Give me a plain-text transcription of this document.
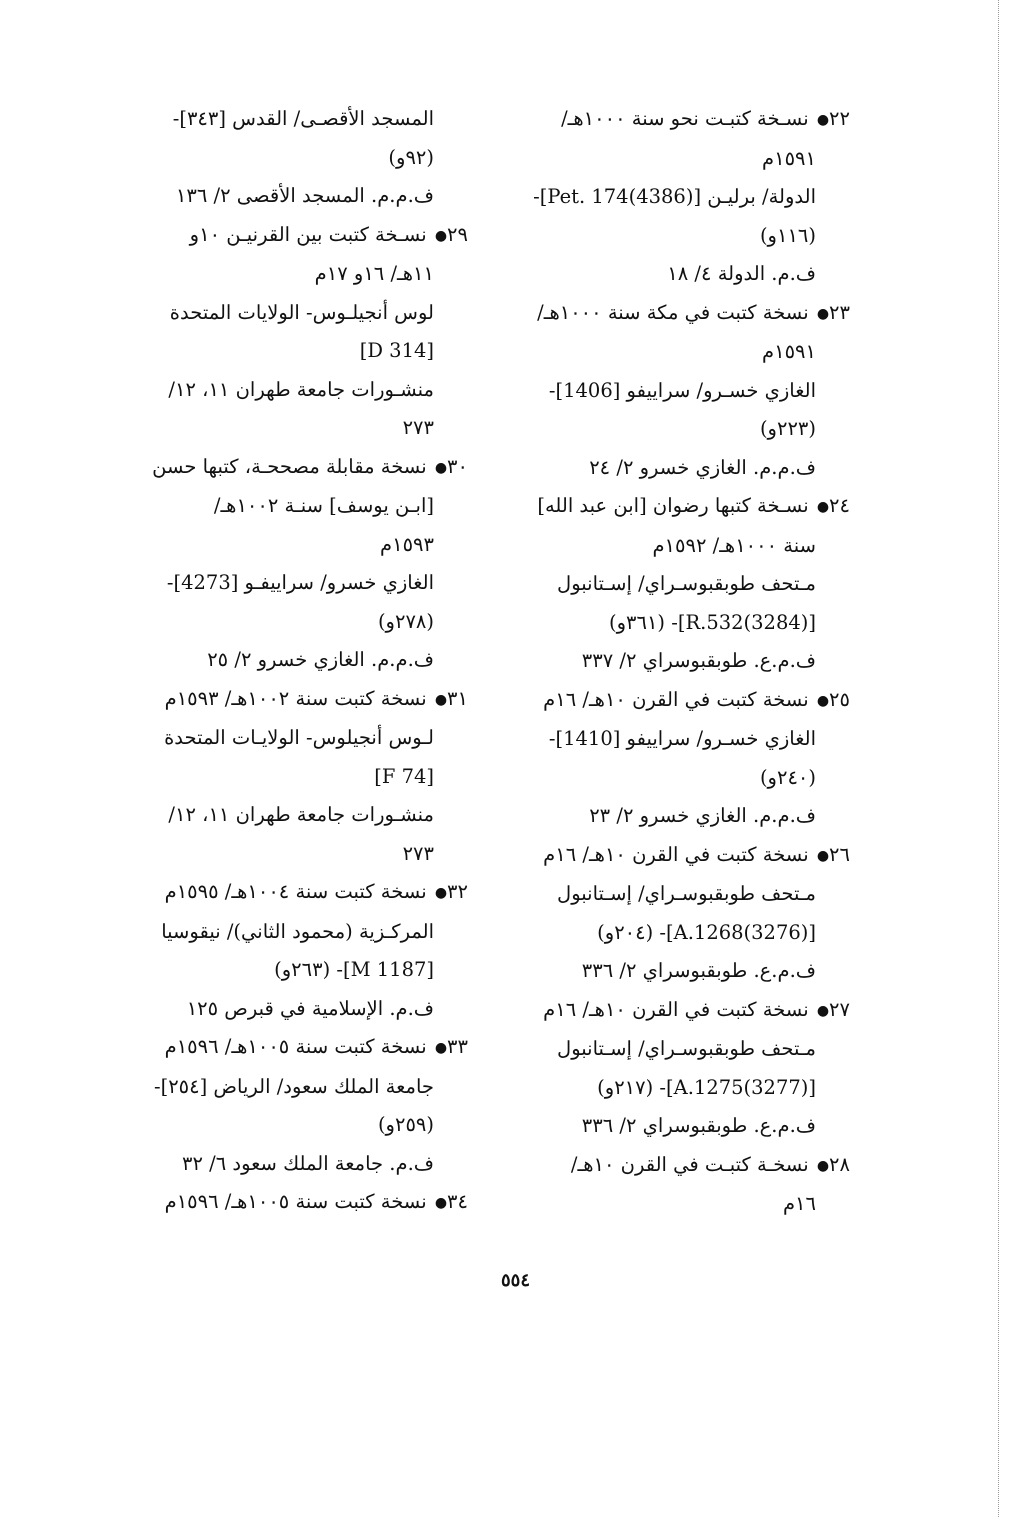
٢٢● نسـخة كتبـت نحو سنة ١٠٠٠هـ/
١٥٩١م
الدولة/ برليـن [Pet. 174(4386)]-
(١١٦و)
ف.م. الدولة ٤/ ١٨
٢٣● نسخة كتبت في مكة سنة ١٠٠٠هـ/
١٥٩١م
الغازي خسـرو/ سراييفو [1406]-
(٢٢٣و)
ف.م.م. الغازي خسرو ٢/ ٢٤
٢٤● نسـخة كتبها رضوان [ابن عبد الله]
سنة ١٠٠٠هـ/ ١٥٩٢م
مـتحف طوبقبوسـراي/ إسـتانبول
[R.532(3284)]- (٣٦١و)
ف.م.ع. طوبقبوسراي ٢/ ٣٣٧
٢٥● نسخة كتبت في القرن ١٠هـ/ ١٦م
الغازي خسـرو/ سراييفو [1410]-
(٢٤٠و)
ف.م.م. الغازي خسرو ٢/ ٢٣
٢٦● نسخة كتبت في القرن ١٠هـ/ ١٦م
مـتحف طوبقبوسـراي/ إسـتانبول
[A.1268(3276)]- (٢٠٤و)
ف.م.ع. طوبقبوسراي ٢/ ٣٣٦
٢٧● نسخة كتبت في القرن ١٠هـ/ ١٦م
مـتحف طوبقبوسـراي/ إسـتانبول
[A.1275(3277)]- (٢١٧و)
ف.م.ع. طوبقبوسراي ٢/ ٣٣٦
٢٨● نسخـة كتبـت في القرن ١٠هـ/
١٦م
المسجد الأقصـى/ القدس [٣٤٣]-
(٩٢و)
ف.م.م. المسجد الأقصى ٢/ ١٣٦
٢٩● نسـخة كتبت بين القرنيـن ١٠و
١١هـ/ ١٦و ١٧م
لوس أنجيلـوس- الولايات المتحدة
[D 314]
منشـورات جامعة طهران ١١، ١٢/
٢٧٣
٣٠● نسخة مقابلة مصححـة، كتبها حسن
[ابـن يوسف] سنـة ١٠٠٢هـ/
١٥٩٣م
الغازي خسرو/ سراييفـو [4273]-
(٢٧٨و)
ف.م.م. الغازي خسرو ٢/ ٢٥
٣١● نسخة كتبت سنة ١٠٠٢هـ/ ١٥٩٣م
لـوس أنجيلوس- الولايـات المتحدة
[F 74]
منشـورات جامعة طهران ١١، ١٢/
٢٧٣
٣٢● نسخة كتبت سنة ١٠٠٤هـ/ ١٥٩٥م
المركـزية (محمود الثاني)/ نيقوسيا
[M 1187]- (٢٦٣و)
ف.م. الإسلامية في قبرص ١٢٥
٣٣● نسخة كتبت سنة ١٠٠٥هـ/ ١٥٩٦م
جامعة الملك سعود/ الرياض [٢٥٤]-
(٢٥٩و)
ف.م. جامعة الملك سعود ٦/ ٣٢
٣٤● نسخة كتبت سنة ١٠٠٥هـ/ ١٥٩٦م
٥٥٤
